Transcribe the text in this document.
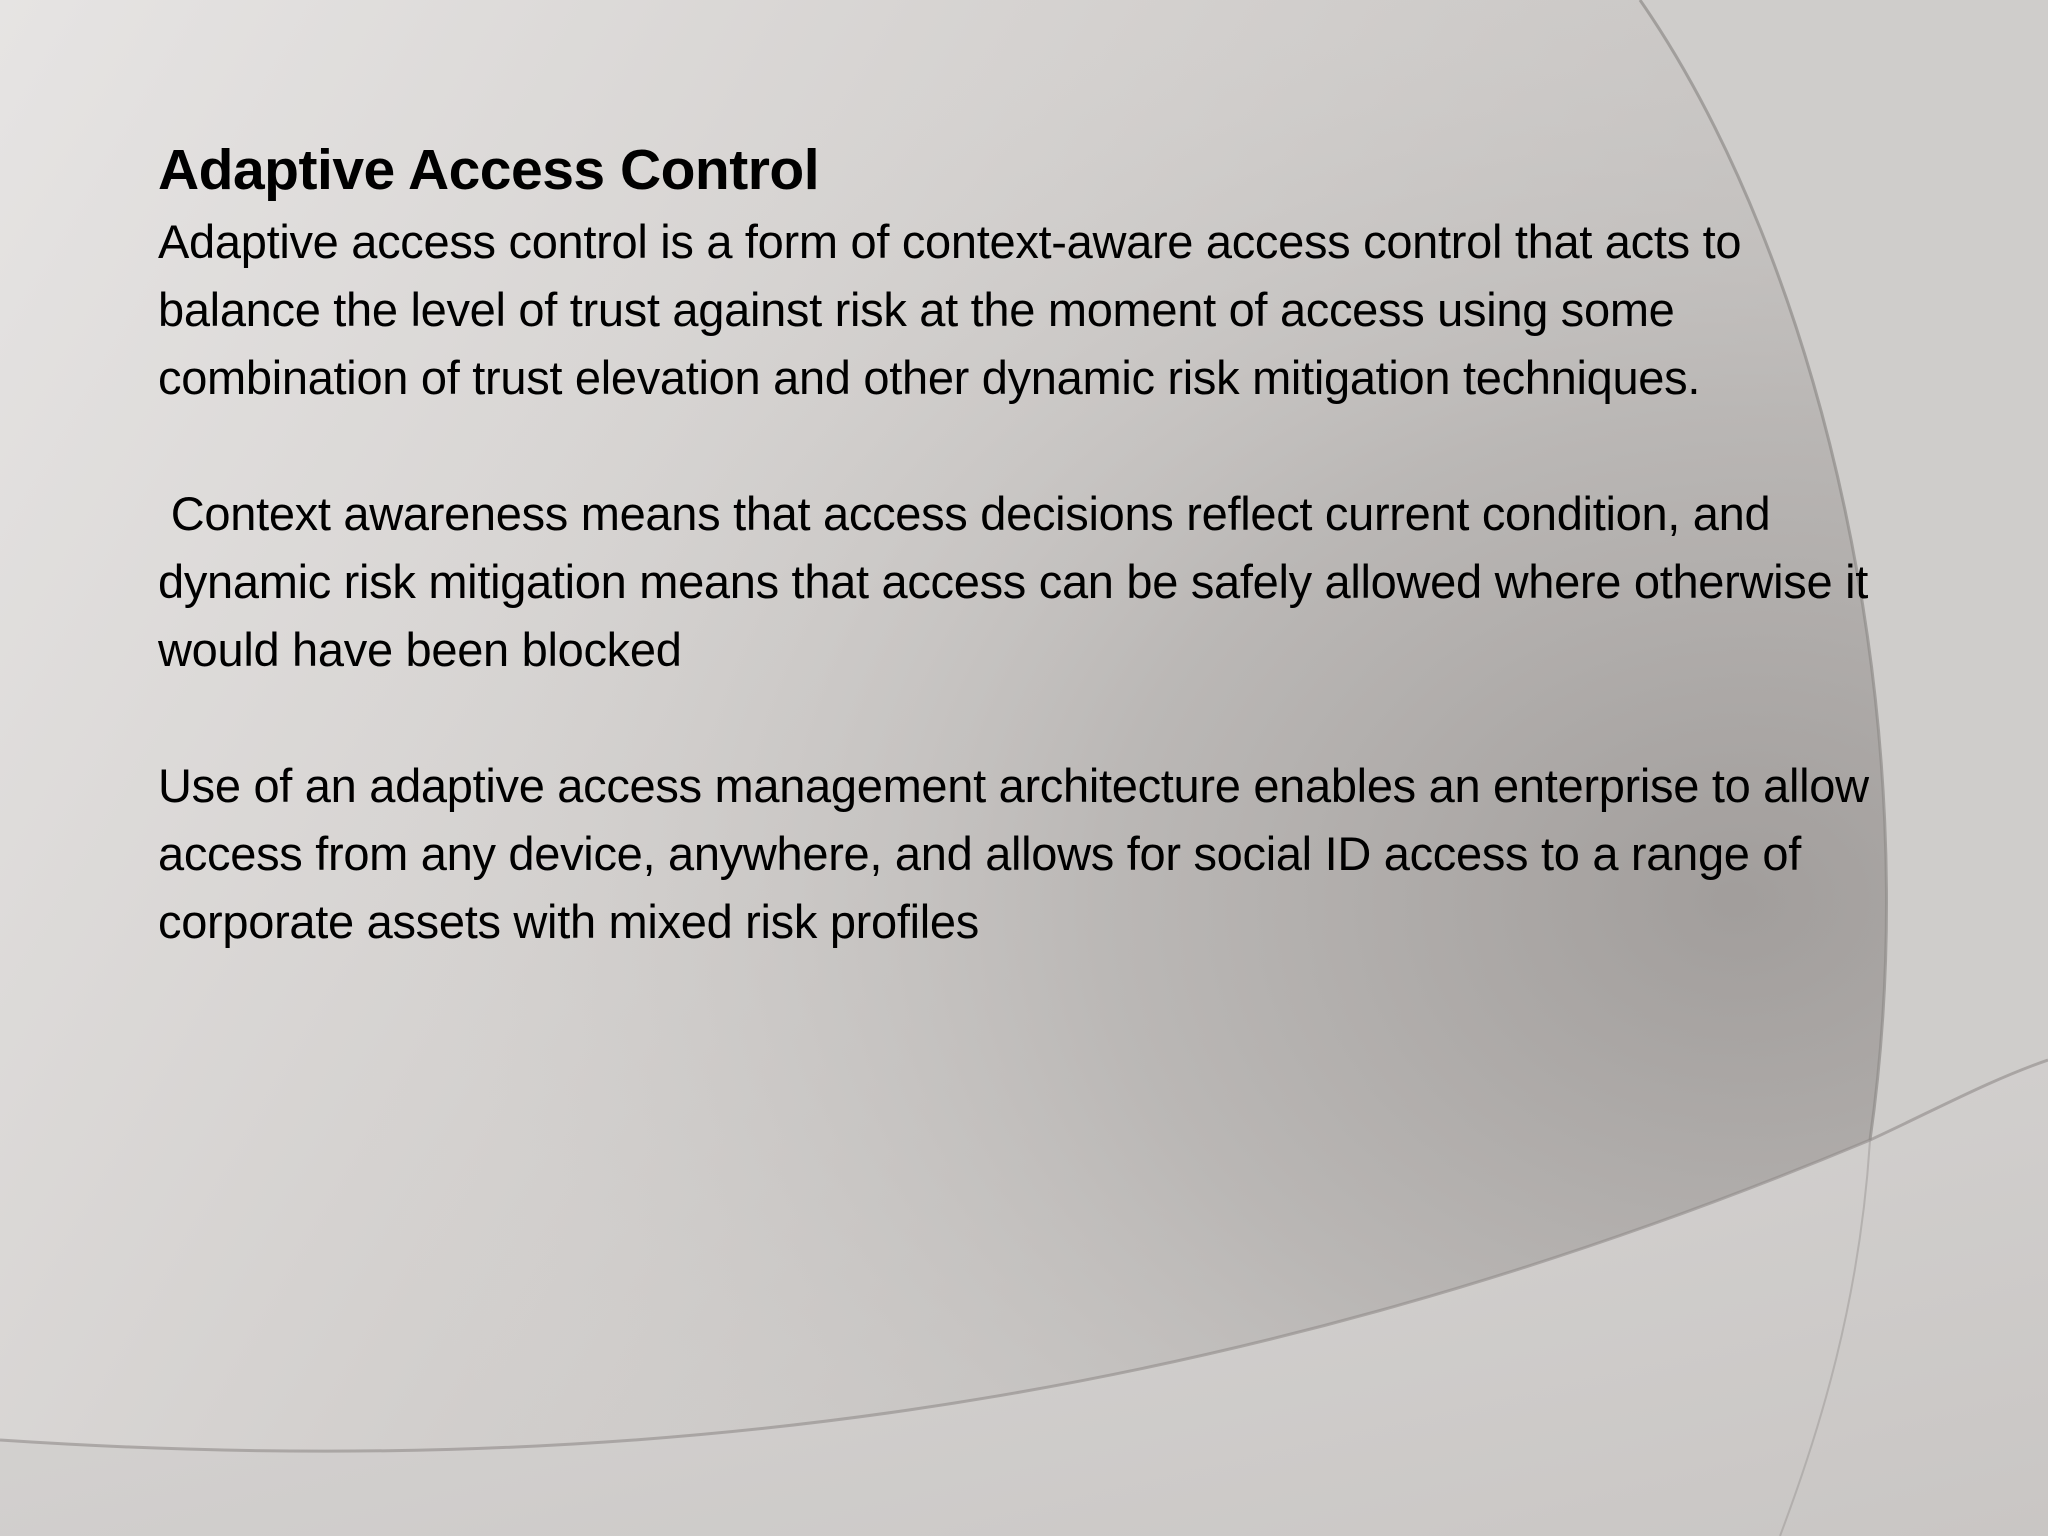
Adaptive Access Control

Adaptive access control is a form of context-aware access control that acts to balance the level of trust against risk at the moment of access using some combination of trust elevation and other dynamic risk mitigation techniques.

Context awareness means that access decisions reflect current condition, and dynamic risk mitigation means that access can be safely allowed where otherwise it would have been blocked

Use of an adaptive access management architecture enables an enterprise to allow access from any device, anywhere, and allows for social ID access to a range of corporate assets with mixed risk profiles
